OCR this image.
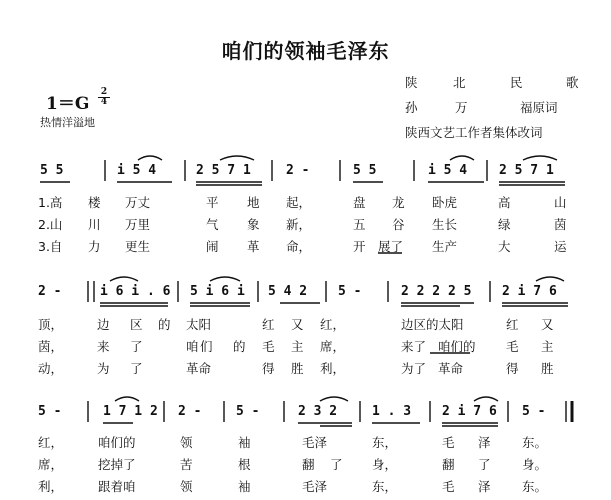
咱们的领袖毛泽东
1＝G
2
4
热情洋溢地
陕	北	民	歌
孙	万	福原词
陕西文艺工作者集体改词
5 5	i 5 4	2 5 7 1	2 -	5 5	i 5 4 2 5 7 1
1.高 楼 万丈	平 地 起，	盘 龙 卧虎	高	山
2.山 川 万里	气 象 新，	五 谷 生长	绿	茵
3.自 力 更生	闹 革 命，	开 展了 生产	大	运
2 -	i 6 i . 6 5 i 6 i 5 4 2 5 -	2 2 2 2 5 2 i 7 6
顶，	边 区 的 太阳	红 又 红，	边区的太阳	红 又
茵，	来 了	咱 们 的 毛 主 席，	来了 咱们的 毛 主
动，	为 了	革命	得 胜 利，	为了 革命	得 胜
5 -	1 7 1 2 2 -	5 -	2 3 2	1 . 3 2 i 7 6 5 -
红，	咱们的	领	袖	毛泽	东，	毛 泽	东。
席，	挖掉了	苦	根	翻 了 身，	翻 了	身。
利，	跟着咱	领	袖	毛泽	东，	毛 泽	东。
